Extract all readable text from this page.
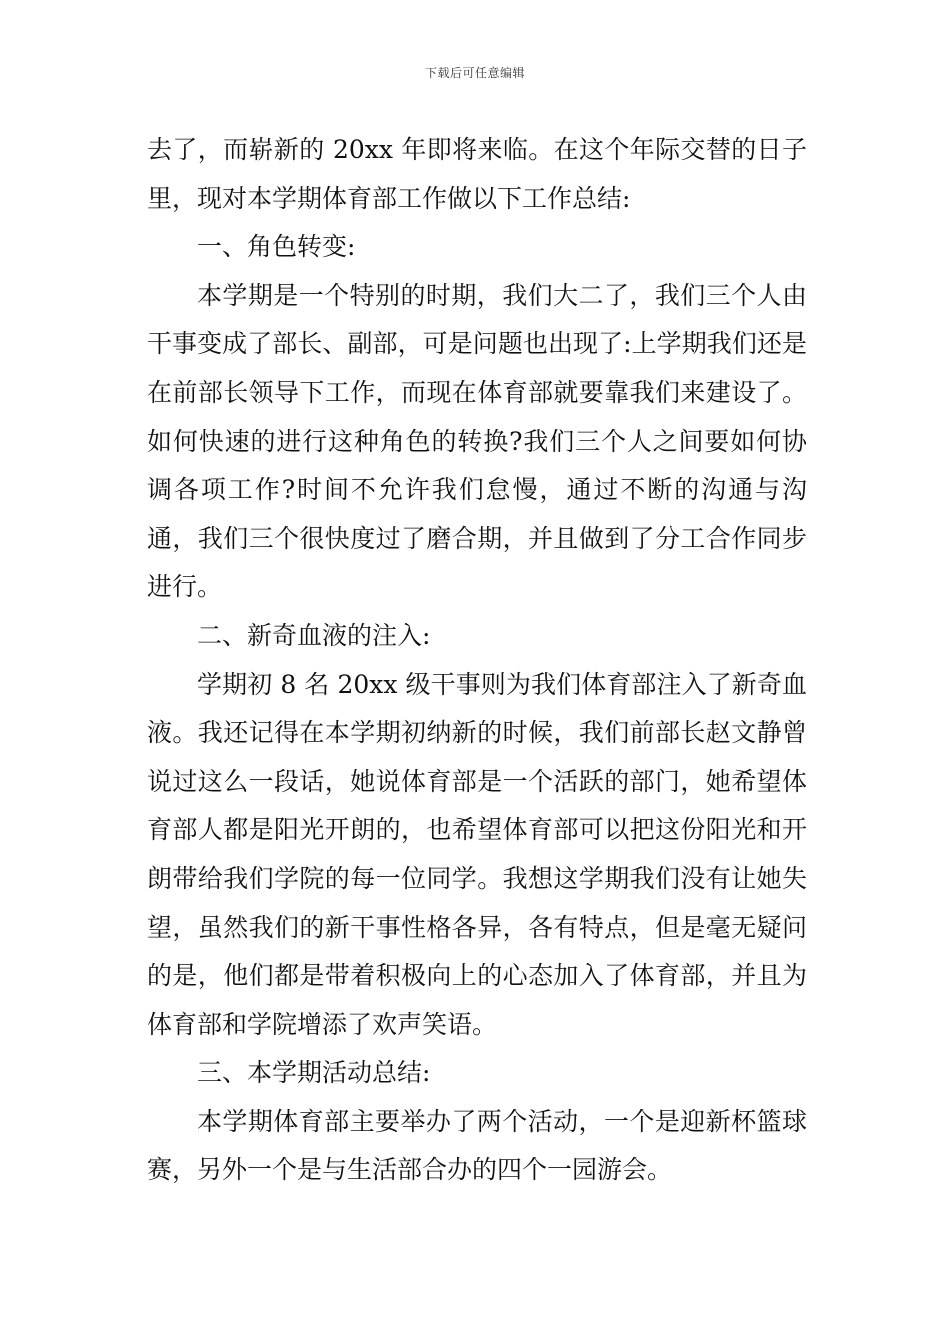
下载后可任意编辑

去了，而崭新的 20xx 年即将来临。在这个年际交替的日子里，现对本学期体育部工作做以下工作总结:

一、角色转变:

本学期是一个特别的时期，我们大二了，我们三个人由干事变成了部长、副部，可是问题也出现了:上学期我们还是在前部长领导下工作，而现在体育部就要靠我们来建设了。如何快速的进行这种角色的转换?我们三个人之间要如何协调各项工作?时间不允许我们怠慢，通过不断的沟通与沟通，我们三个很快度过了磨合期，并且做到了分工合作同步进行。

二、新奇血液的注入:

学期初 8 名 20xx 级干事则为我们体育部注入了新奇血液。我还记得在本学期初纳新的时候，我们前部长赵文静曾说过这么一段话，她说体育部是一个活跃的部门，她希望体育部人都是阳光开朗的，也希望体育部可以把这份阳光和开朗带给我们学院的每一位同学。我想这学期我们没有让她失望，虽然我们的新干事性格各异，各有特点，但是毫无疑问的是，他们都是带着积极向上的心态加入了体育部，并且为体育部和学院增添了欢声笑语。

三、本学期活动总结:

本学期体育部主要举办了两个活动，一个是迎新杯篮球赛，另外一个是与生活部合办的四个一园游会。
